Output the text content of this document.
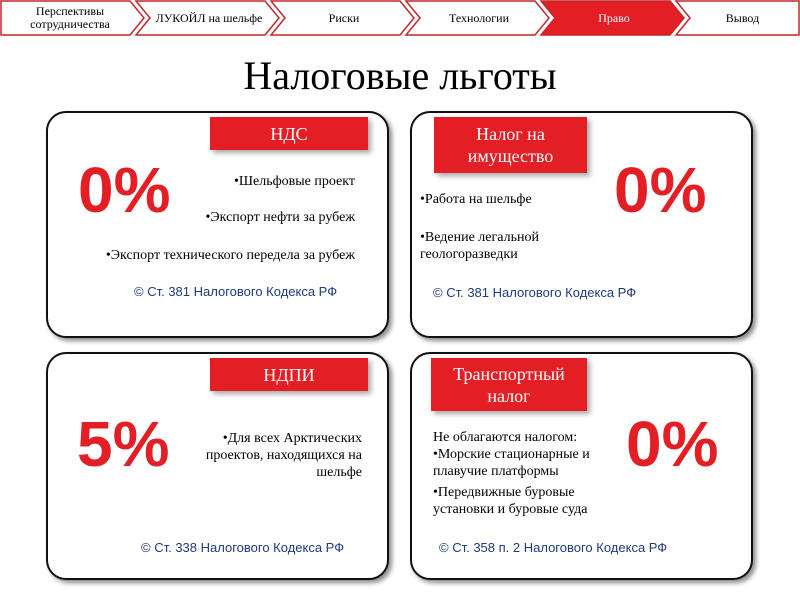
Перспективы сотрудничества	ЛУКОЙЛ на шельфе	Риски	Технологии	Право	Вывод
Налоговые льготы
НДС
0%	•Шельфовые проект
•Экспорт нефти за рубеж
•Экспорт технического передела за рубеж
© Ст. 381 Налогового Кодекса РФ
Налог на имущество 0%
•Работа на шельфе
•Ведение легальной геологоразведки
© Ст. 381 Налогового Кодекса РФ
НДПИ
5%	•Для всех Арктических проектов, находящихся на шельфе
© Ст. 338 Налогового Кодекса РФ
Транспортный налог
0%
Не облагаются налогом:
•Морские стационарные и плавучие платформы
•Передвижные буровые установки и буровые суда
© Ст. 358 п. 2 Налогового Кодекса РФ
